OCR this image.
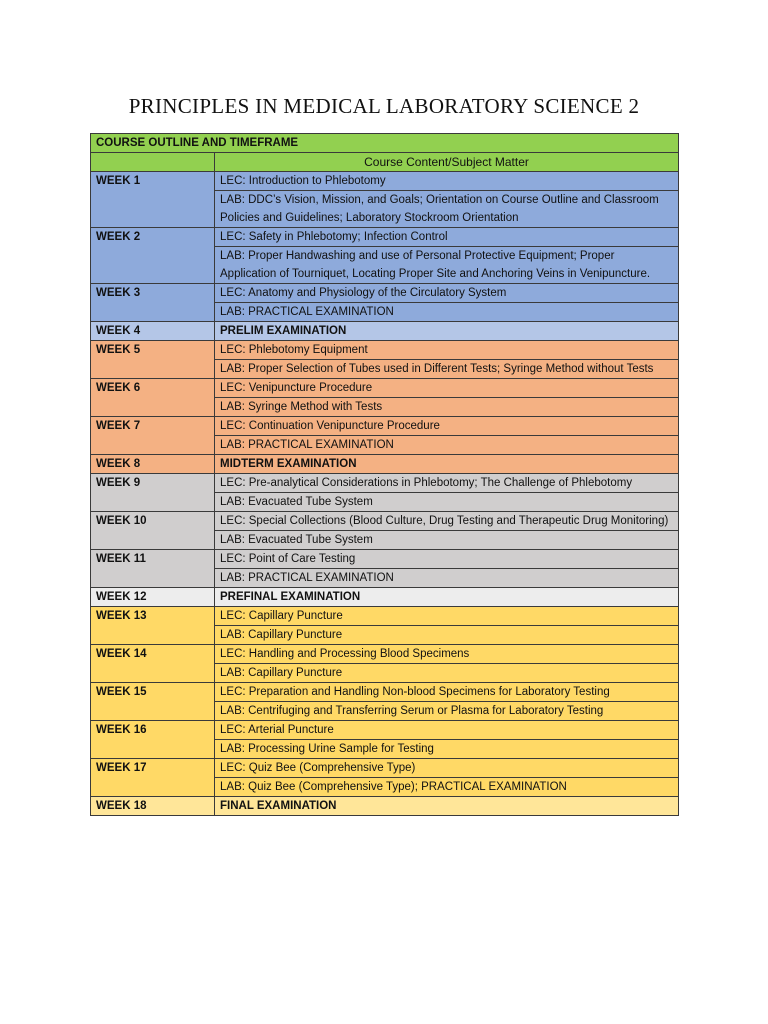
PRINCIPLES IN MEDICAL LABORATORY SCIENCE 2
COURSE OUTLINE AND TIMEFRAME	
	Course Content/Subject Matter
WEEK 1	LEC: Introduction to Phlebotomy
	LAB: DDC’s Vision, Mission, and Goals; Orientation on Course Outline and Classroom Policies and Guidelines; Laboratory Stockroom Orientation
WEEK 2	LEC: Safety in Phlebotomy; Infection Control
	LAB: Proper Handwashing and use of Personal Protective Equipment; Proper Application of Tourniquet, Locating Proper Site and Anchoring Veins in Venipuncture.
WEEK 3	LEC: Anatomy and Physiology of the Circulatory System
	LAB: PRACTICAL EXAMINATION
WEEK 4	PRELIM EXAMINATION
WEEK 5	LEC: Phlebotomy Equipment
	LAB: Proper Selection of Tubes used in Different Tests; Syringe Method without Tests
WEEK 6	LEC: Venipuncture Procedure
	LAB: Syringe Method with Tests
WEEK 7	LEC: Continuation Venipuncture Procedure
	LAB: PRACTICAL EXAMINATION
WEEK 8	MIDTERM EXAMINATION
WEEK 9	LEC: Pre-analytical Considerations in Phlebotomy; The Challenge of Phlebotomy
	LAB: Evacuated Tube System
WEEK 10	LEC: Special Collections (Blood Culture, Drug Testing and Therapeutic Drug Monitoring)
	LAB: Evacuated Tube System
WEEK 11	LEC: Point of Care Testing
	LAB: PRACTICAL EXAMINATION
WEEK 12	PREFINAL EXAMINATION
WEEK 13	LEC: Capillary Puncture
	LAB: Capillary Puncture
WEEK 14	LEC: Handling and Processing Blood Specimens
	LAB: Capillary Puncture
WEEK 15	LEC: Preparation and Handling Non-blood Specimens for Laboratory Testing
	LAB: Centrifuging and Transferring Serum or Plasma for Laboratory Testing
WEEK 16	LEC: Arterial Puncture
	LAB: Processing Urine Sample for Testing
WEEK 17	LEC: Quiz Bee (Comprehensive Type)
	LAB: Quiz Bee (Comprehensive Type); PRACTICAL EXAMINATION
WEEK 18	FINAL EXAMINATION
